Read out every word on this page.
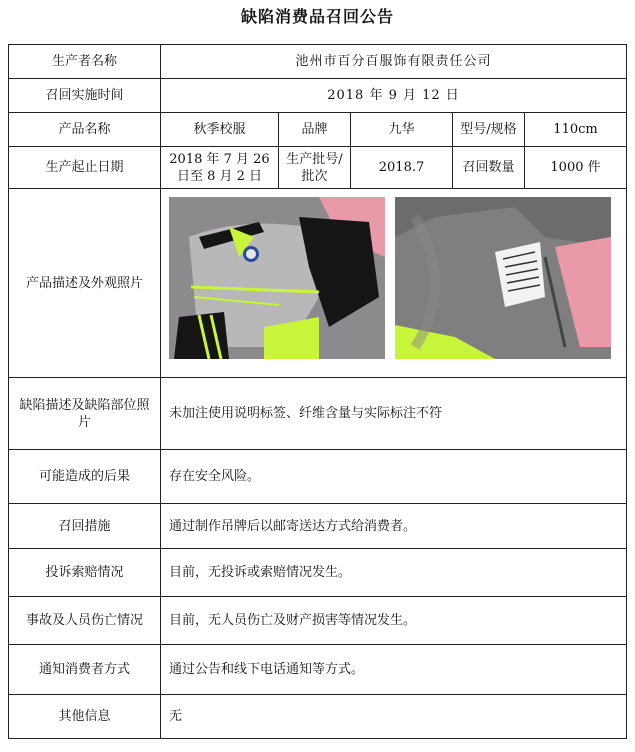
缺陷消费品召回公告
生产者名称	池州市百分百服饰有限责任公司				
召回实施时间	2018 年 9 月 12 日				
产品名称	秋季校服	品牌	九华	型号/规格	110cm
生产起止日期	2018 年 7 月 26 日至 8 月 2 日	生产批号/批次	2018.7	召回数量	1000 件
产品描述及外观照片	

缺陷描述及缺陷部位照片	未加注使用说明标签、纤维含量与实际标注不符				
可能造成的后果	存在安全风险。				
召回措施	通过制作吊牌后以邮寄送达方式给消费者。				
投诉索赔情况	目前，无投诉或索赔情况发生。				
事故及人员伤亡情况	目前，无人员伤亡及财产损害等情况发生。				
通知消费者方式	通过公告和线下电话通知等方式。				
其他信息	无				
